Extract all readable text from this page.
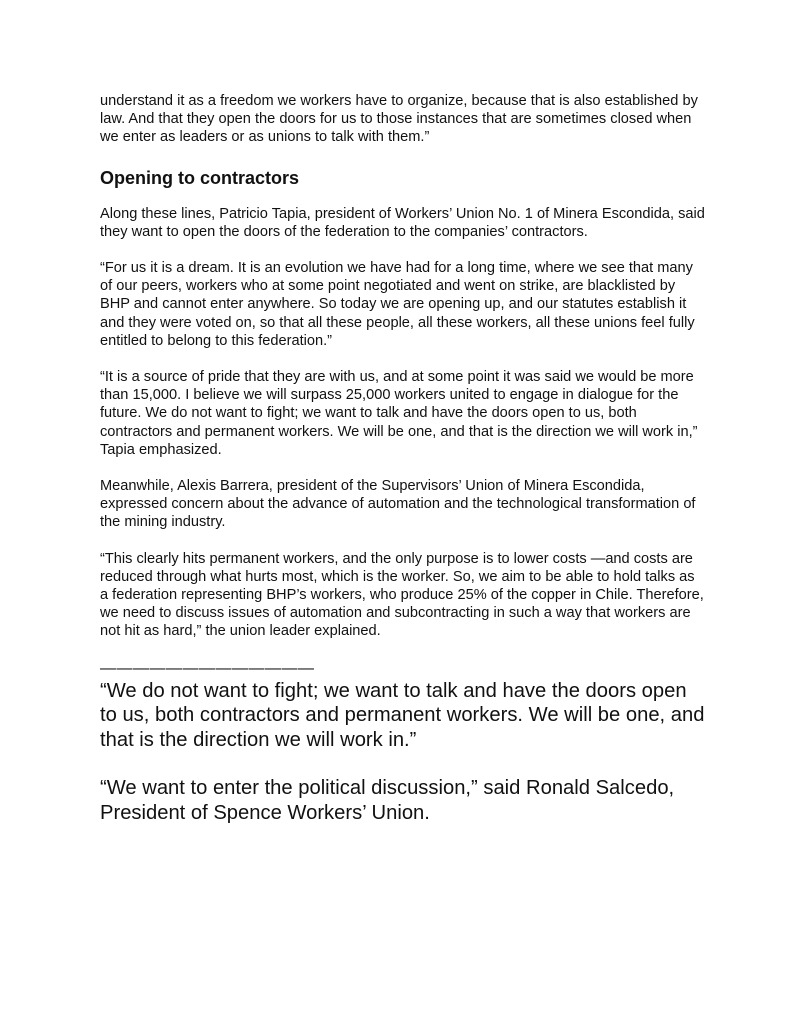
understand it as a freedom we workers have to organize, because that is also established by law. And that they open the doors for us to those instances that are sometimes closed when we enter as leaders or as unions to talk with them.”

Opening to contractors

Along these lines, Patricio Tapia, president of Workers’ Union No. 1 of Minera Escondida, said they want to open the doors of the federation to the companies’ contractors.

“For us it is a dream. It is an evolution we have had for a long time, where we see that many of our peers, workers who at some point negotiated and went on strike, are blacklisted by BHP and cannot enter anywhere. So today we are opening up, and our statutes establish it and they were voted on, so that all these people, all these workers, all these unions feel fully entitled to belong to this federation.”

“It is a source of pride that they are with us, and at some point it was said we would be more than 15,000. I believe we will surpass 25,000 workers united to engage in dialogue for the future. We do not want to fight; we want to talk and have the doors open to us, both contractors and permanent workers. We will be one, and that is the direction we will work in,” Tapia emphasized.

Meanwhile, Alexis Barrera, president of the Supervisors’ Union of Minera Escondida, expressed concern about the advance of automation and the technological transformation of the mining industry.

“This clearly hits permanent workers, and the only purpose is to lower costs —and costs are reduced through what hurts most, which is the worker. So, we aim to be able to hold talks as a federation representing BHP’s workers, who produce 25% of the copper in Chile. Therefore, we need to discuss issues of automation and subcontracting in such a way that workers are not hit as hard,” the union leader explained.

—————————————

“We do not want to fight; we want to talk and have the doors open to us, both contractors and permanent workers. We will be one, and that is the direction we will work in.”

“We want to enter the political discussion,” said Ronald Salcedo, President of Spence Workers’ Union.
